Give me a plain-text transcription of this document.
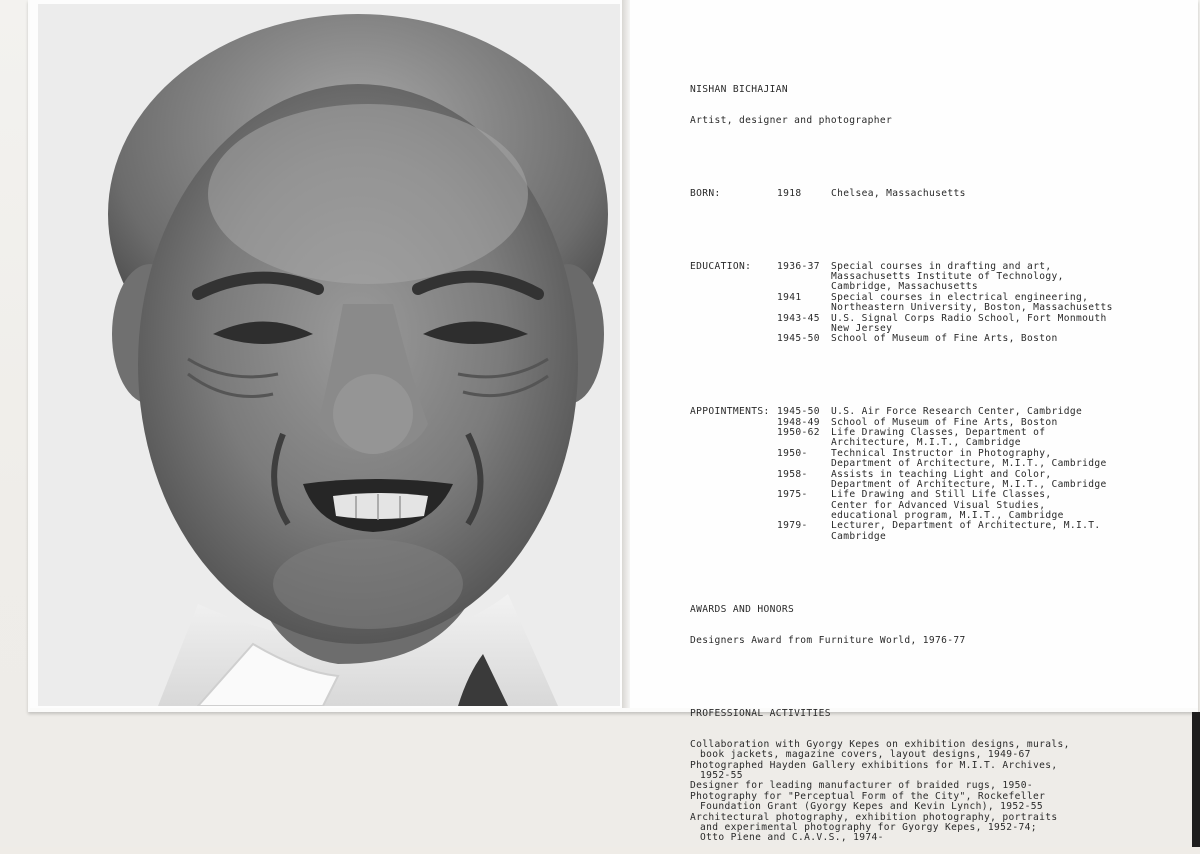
NISHAN BICHAJIAN

Artist, designer and photographer

BORN:	1918	Chelsea, Massachusetts

EDUCATION:	1936-37	Special courses in drafting and art,
Massachusetts Institute of Technology,
Cambridge, Massachusetts
1941	Special courses in electrical engineering,
Northeastern University, Boston, Massachusetts
1943-45	U.S. Signal Corps Radio School, Fort Monmouth
New Jersey
1945-50	School of Museum of Fine Arts, Boston

APPOINTMENTS: 1945-50	U.S. Air Force Research Center, Cambridge
1948-49	School of Museum of Fine Arts, Boston
1950-62	Life Drawing Classes, Department of
Architecture, M.I.T., Cambridge
1950-	Technical Instructor in Photography,
Department of Architecture, M.I.T., Cambridge
1958-	Assists in teaching Light and Color,
Department of Architecture, M.I.T., Cambridge
1975-	Life Drawing and Still Life Classes,
Center for Advanced Visual Studies,
educational program, M.I.T., Cambridge
1979-	Lecturer, Department of Architecture, M.I.T.
Cambridge

AWARDS AND HONORS

Designers Award from Furniture World, 1976-77

PROFESSIONAL ACTIVITIES

Collaboration with Gyorgy Kepes on exhibition designs, murals,
book jackets, magazine covers, layout designs, 1949-67
Photographed Hayden Gallery exhibitions for M.I.T. Archives,
1952-55
Designer for leading manufacturer of braided rugs, 1950-
Photography for "Perceptual Form of the City", Rockefeller
Foundation Grant (Gyorgy Kepes and Kevin Lynch), 1952-55
Architectural photography, exhibition photography, portraits
and experimental photography for Gyorgy Kepes, 1952-74;
Otto Piene and C.A.V.S., 1974-
